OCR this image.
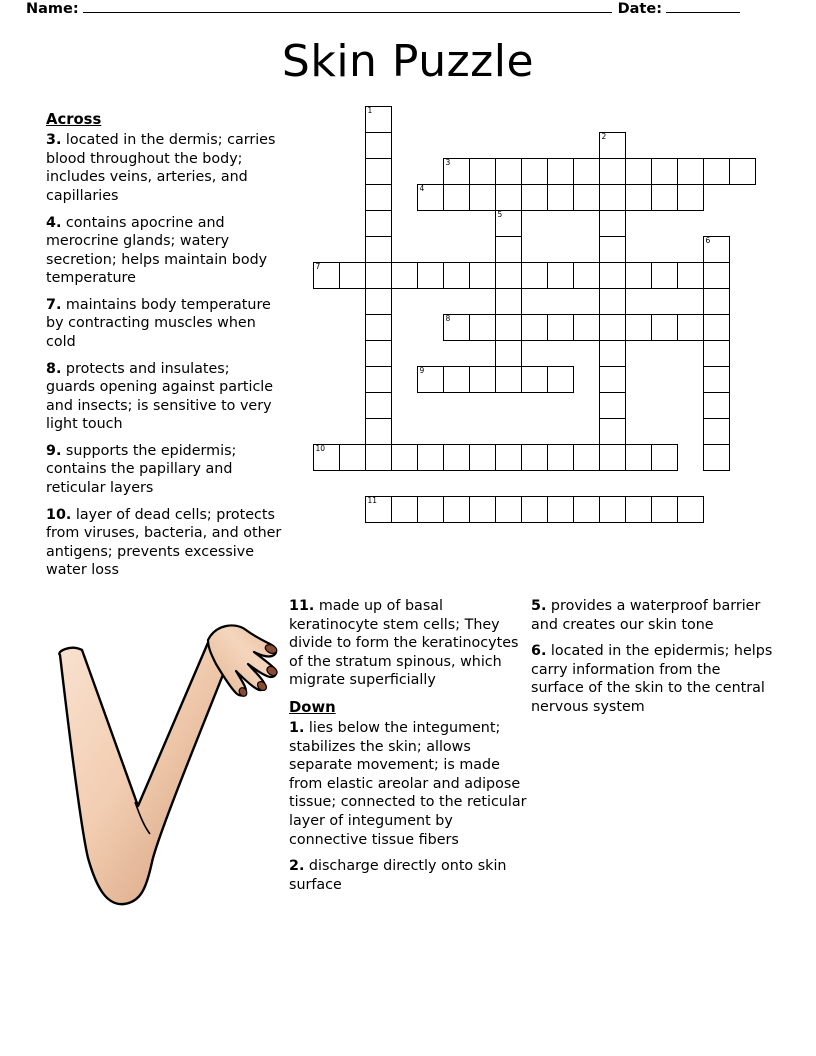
Name:	Date:
Skin Puzzle
Across

3. located in the dermis; carries blood throughout the body; includes veins, arteries, and capillaries

4. contains apocrine and merocrine glands; watery secretion; helps maintain body temperature

7. maintains body temperature by contracting muscles when cold

8. protects and insulates; guards opening against particle and insects; is sensitive to very light touch

9. supports the epidermis; contains the papillary and reticular layers

10. layer of dead cells; protects from viruses, bacteria, and other antigens; prevents excessive water loss

11. made up of basal keratinocyte stem cells; They divide to form the keratinocytes of the stratum spinous, which migrate superficially

Down

1. lies below the integument; stabilizes the skin; allows separate movement; is made from elastic areolar and adipose tissue; connected to the reticular layer of integument by connective tissue fibers

2. discharge directly onto skin surface

5. provides a waterproof barrier and creates our skin tone

6. located in the epidermis; helps carry information from the surface of the skin to the central nervous system

1
2
3
4
5
6
7
8
9
10
11
